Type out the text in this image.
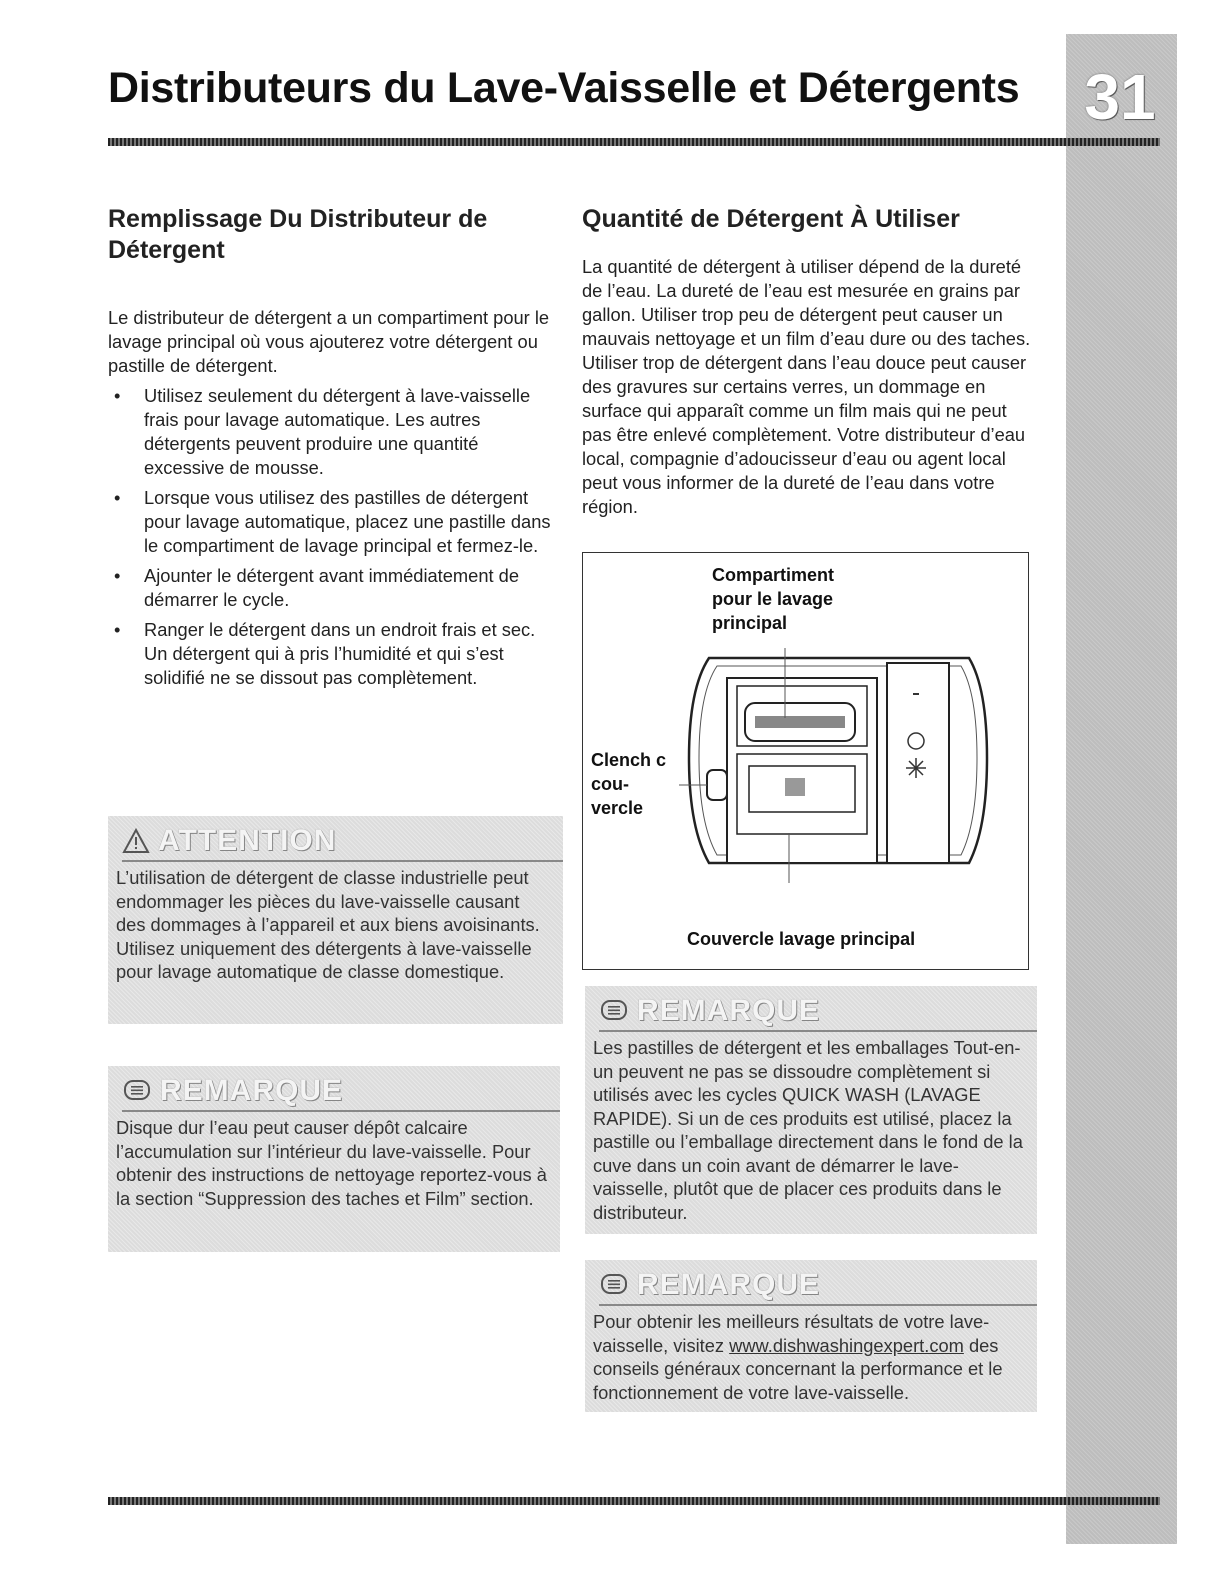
31
Distributeurs du Lave-Vaisselle et Détergents
Remplissage Du Distributeur de Détergent

Le distributeur de détergent a un compartiment pour le lavage principal où vous ajouterez votre détergent ou pastille de détergent.

• Utilisez seulement du détergent à lave-vaisselle frais pour lavage automatique. Les autres détergents peuvent produire une quantité excessive de mousse.
• Lorsque vous utilisez des pastilles de détergent pour lavage automatique, placez une pastille dans le compartiment de lavage principal et fermez-le.
• Ajounter le détergent avant immédiatement de démarrer le cycle.
• Ranger le détergent dans un endroit frais et sec. Un détergent qui à pris l’humidité et qui s’est solidifié ne se dissout pas complètement.
ATTENTION
L’utilisation de détergent de classe industrielle peut endommager les pièces du lave-vaisselle causant des dommages à l’appareil et aux biens avoisinants. Utilisez uniquement des détergents à lave-vaisselle pour lavage automatique de classe domestique.
REMARQUE
Disque dur l’eau peut causer dépôt calcaire l’accumulation sur l’intérieur du lave-vaisselle. Pour obtenir des instructions de nettoyage reportez-vous à la section “Suppression des taches et Film” section.
Quantité de Détergent À Utiliser

La quantité de détergent à utiliser dépend de la dureté de l’eau. La dureté de l’eau est mesurée en grains par gallon. Utiliser trop peu de détergent peut causer un mauvais nettoyage et un film d’eau dure ou des taches. Utiliser trop de détergent dans l’eau douce peut causer des gravures sur certains verres, un dommage en surface qui apparaît comme un film mais qui ne peut pas être enlevé complètement. Votre distributeur d’eau local, compagnie d’adoucisseur d’eau ou agent local peut vous informer de la dureté de l’eau dans votre région.

Compartiment
pour le lavage
principal
Clench c
cou-
vercle
Couvercle lavage principal
REMARQUE
Les pastilles de détergent et les emballages Tout-en-un peuvent ne pas se dissoudre complètement si utilisés avec les cycles QUICK WASH (LAVAGE RAPIDE). Si un de ces produits est utilisé, placez la pastille ou l’emballage directement dans le fond de la cuve dans un coin avant de démarrer le lave-vaisselle, plutôt que de placer ces produits dans le distributeur.
REMARQUE
Pour obtenir les meilleurs résultats de votre lave-vaisselle, visitez www.dishwashingexpert.com des conseils généraux concernant la performance et le fonctionnement de votre lave-vaisselle.
